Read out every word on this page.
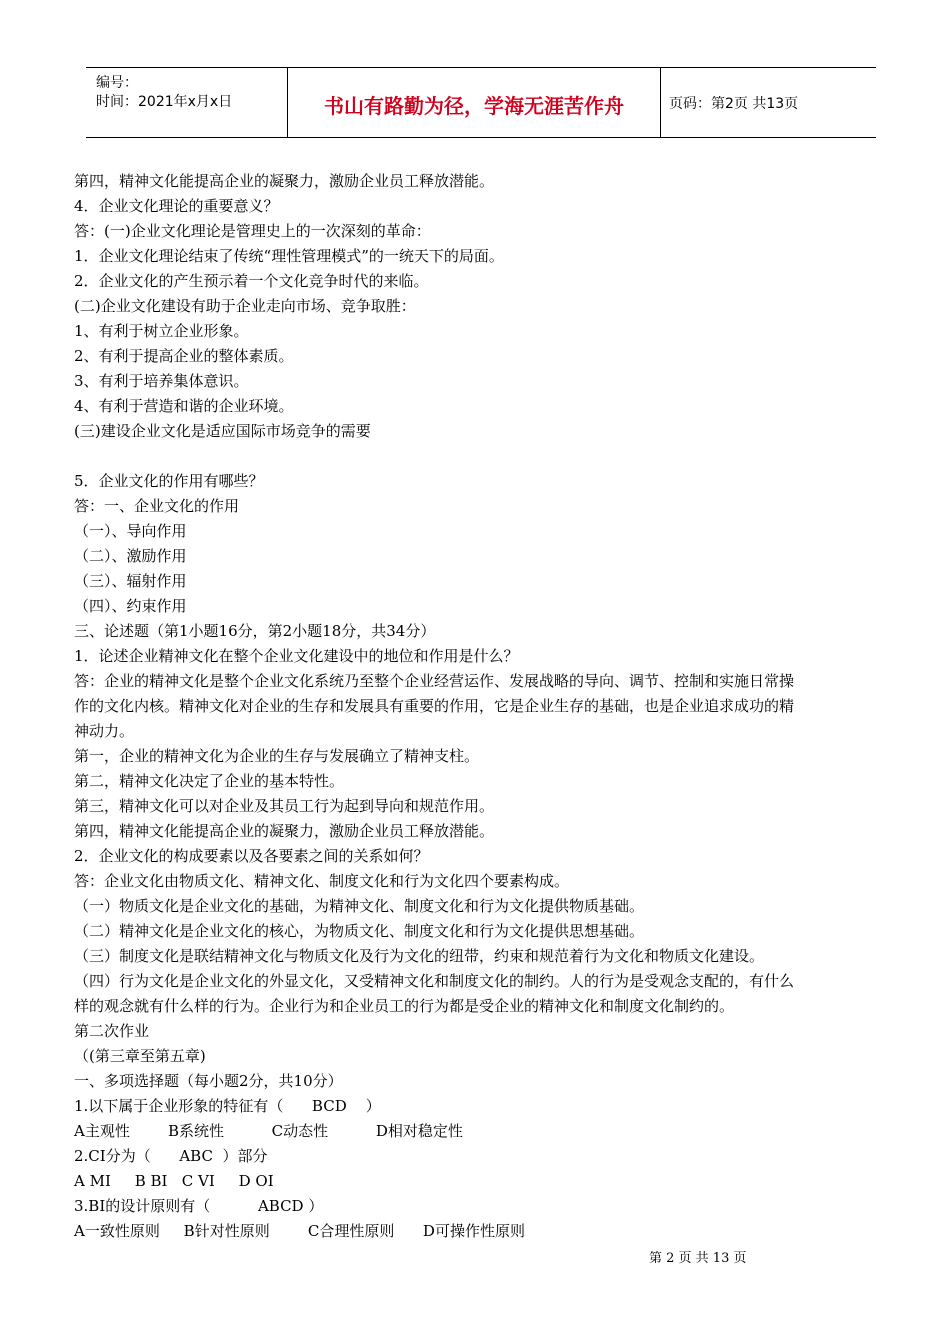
编号：
时间：2021年x月x日	书山有路勤为径，学海无涯苦作舟	页码：第2页 共13页

第四，精神文化能提高企业的凝聚力，激励企业员工释放潜能。

4．企业文化理论的重要意义？

答：(一)企业文化理论是管理史上的一次深刻的革命：

1．企业文化理论结束了传统“理性管理模式”的一统天下的局面。

2．企业文化的产生预示着一个文化竞争时代的来临。

(二)企业文化建设有助于企业走向市场、竞争取胜：

1、有利于树立企业形象。

2、有利于提高企业的整体素质。

3、有利于培养集体意识。

4、有利于营造和谐的企业环境。

(三)建设企业文化是适应国际市场竞争的需要

5．企业文化的作用有哪些？

答：一、企业文化的作用

（一）、导向作用

（二）、激励作用

（三）、辐射作用

（四）、约束作用

三、论述题（第1小题16分，第2小题18分，共34分）

1．论述企业精神文化在整个企业文化建设中的地位和作用是什么？

答：企业的精神文化是整个企业文化系统乃至整个企业经营运作、发展战略的导向、调节、控制和实施日常操

作的文化内核。精神文化对企业的生存和发展具有重要的作用，它是企业生存的基础，也是企业追求成功的精

神动力。

第一，企业的精神文化为企业的生存与发展确立了精神支柱。

第二，精神文化决定了企业的基本特性。

第三，精神文化可以对企业及其员工行为起到导向和规范作用。

第四，精神文化能提高企业的凝聚力，激励企业员工释放潜能。

2．企业文化的构成要素以及各要素之间的关系如何？

答：企业文化由物质文化、精神文化、制度文化和行为文化四个要素构成。

（一）物质文化是企业文化的基础，为精神文化、制度文化和行为文化提供物质基础。

（二）精神文化是企业文化的核心，为物质文化、制度文化和行为文化提供思想基础。

（三）制度文化是联结精神文化与物质文化及行为文化的纽带，约束和规范着行为文化和物质文化建设。

（四）行为文化是企业文化的外显文化，又受精神文化和制度文化的制约。人的行为是受观念支配的，有什么

样的观念就有什么样的行为。企业行为和企业员工的行为都是受企业的精神文化和制度文化制约的。

第二次作业

（(第三章至第五章)

一、多项选择题（每小题2分，共10分）

1.以下属于企业形象的特征有（      BCD    ）

A主观性        B系统性          C动态性          D相对稳定性

2.CI分为（      ABC  ）部分

A MI     B BI   C VI     D OI

3.BI的设计原则有（          ABCD ）

A一致性原则     B针对性原则        C合理性原则      D可操作性原则

第 2 页 共 13 页
